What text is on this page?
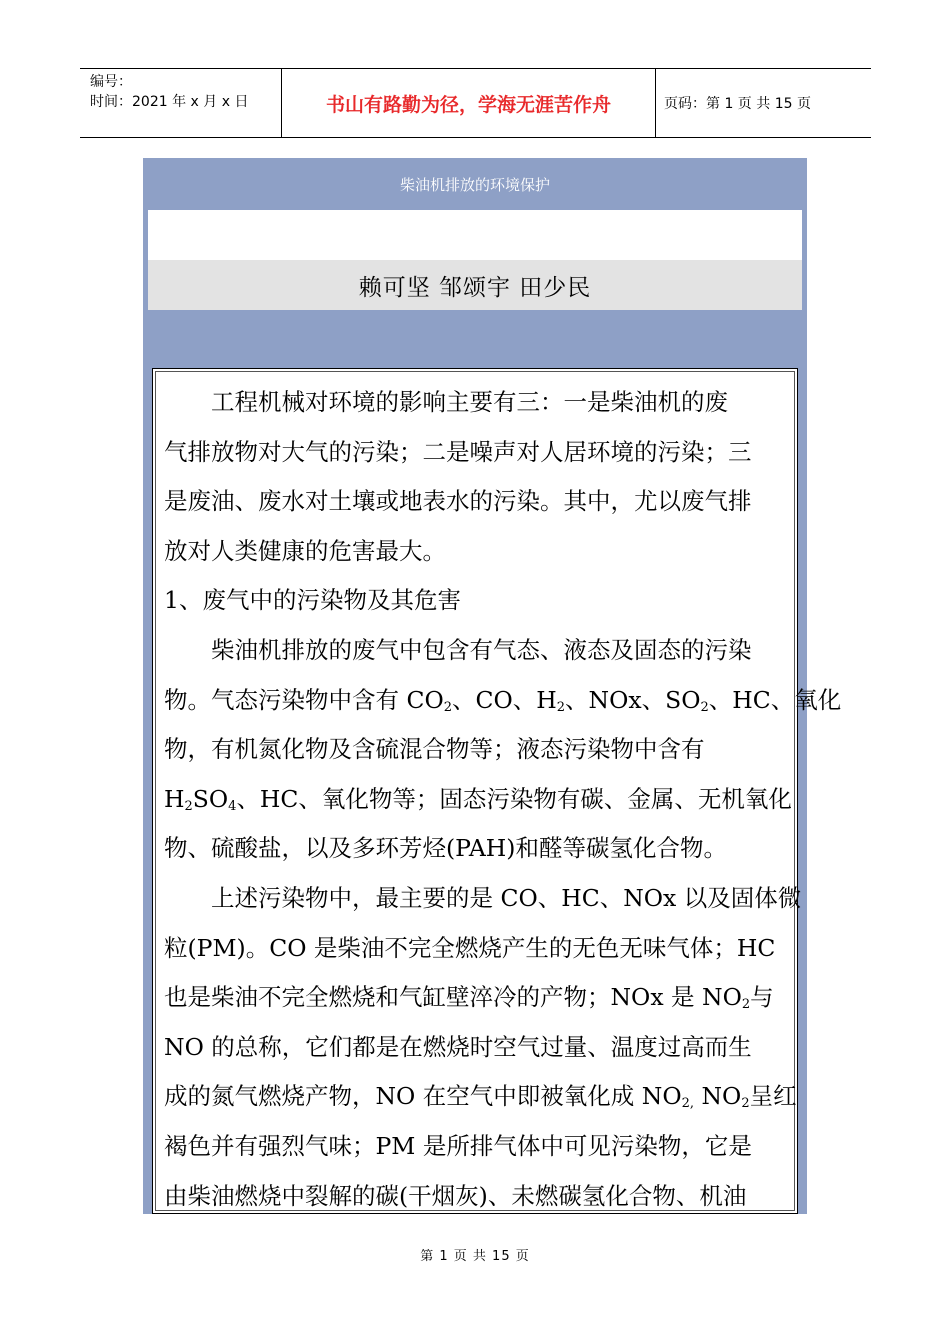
编号：
时间：2021 年 x 月 x 日	书山有路勤为径，学海无涯苦作舟	页码：第 1 页 共 15 页
柴油机排放的环境保护
赖可坚 邹颂宇 田少民

　　工程机械对环境的影响主要有三：一是柴油机的废

气排放物对大气的污染；二是噪声对人居环境的污染；三

是废油、废水对土壤或地表水的污染。其中，尤以废气排

放对人类健康的危害最大。

1、废气中的污染物及其危害

　　柴油机排放的废气中包含有气态、液态及固态的污染

物。气态污染物中含有 $CO_2$、CO、$H_2$、NOx、$SO_2$、HC、氧化

物，有机氮化物及含硫混合物等；液态污染物中含有

$H_2SO_4$、HC、氧化物等；固态污染物有碳、金属、无机氧化

物、硫酸盐，以及多环芳烃(PAH)和醛等碳氢化合物。

　　上述污染物中，最主要的是 CO、HC、NOx 以及固体微

粒(PM)。CO 是柴油不完全燃烧产生的无色无味气体；HC

也是柴油不完全燃烧和气缸壁淬冷的产物；NOx 是 $NO_2$与

NO 的总称，它们都是在燃烧时空气过量、温度过高而生

成的氮气燃烧产物，NO 在空气中即被氧化成 $NO_{2,}$ $NO_2$呈红

褐色并有强烈气味；PM 是所排气体中可见污染物，它是

由柴油燃烧中裂解的碳(干烟灰)、未燃碳氢化合物、机油

第 1 页 共 15 页
